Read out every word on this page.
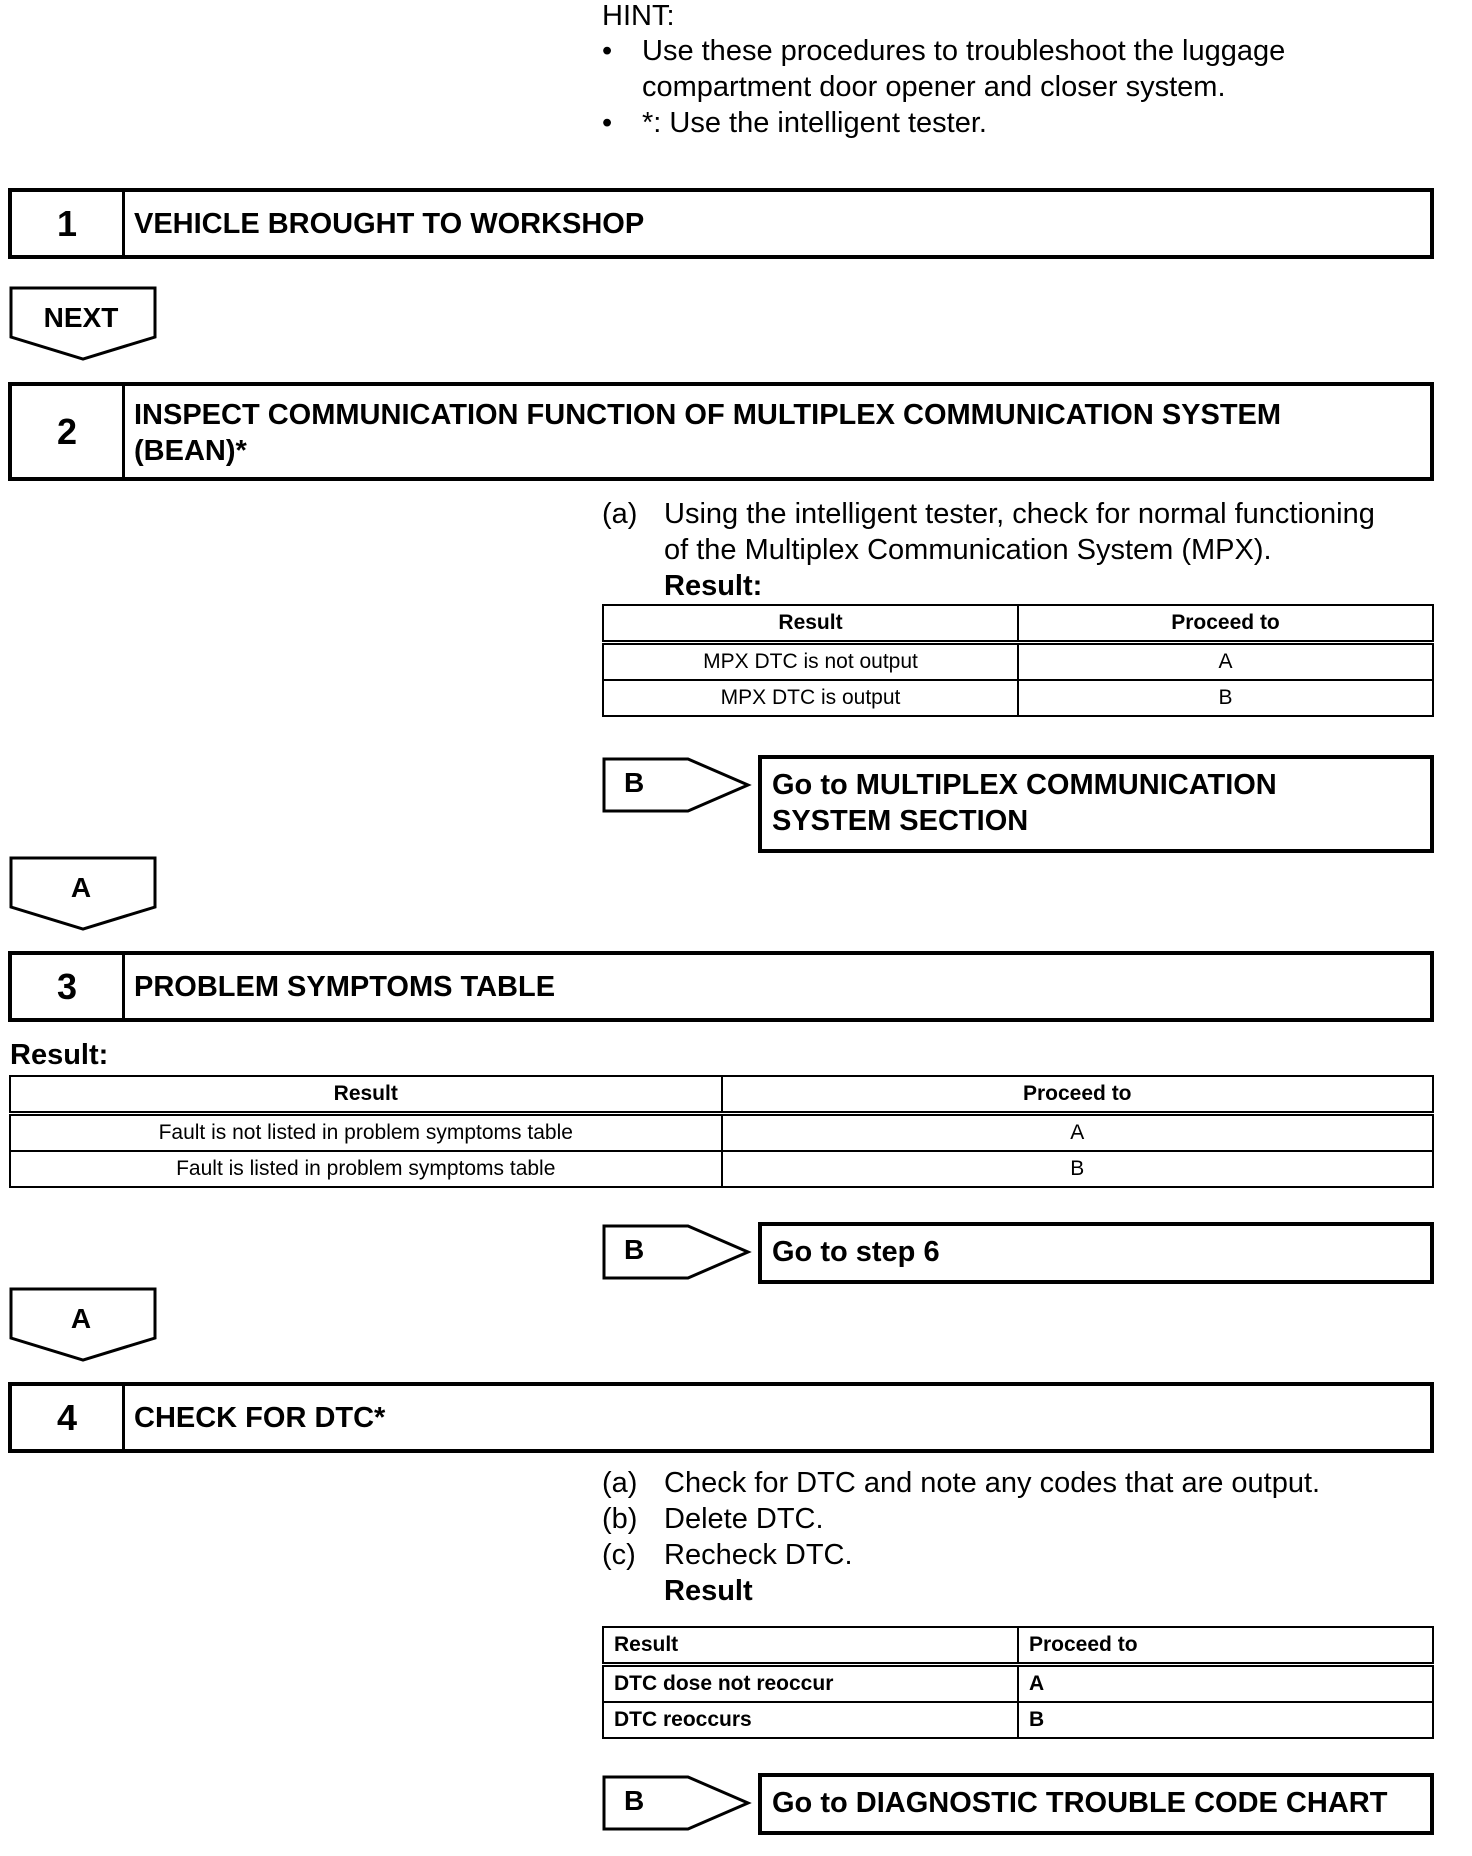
HINT:
• Use these procedures to troubleshoot the luggage
compartment door opener and closer system.
•	*: Use the intelligent tester.
1	VEHICLE BROUGHT TO WORKSHOP
NEXT
2	INSPECT COMMUNICATION FUNCTION OF MULTIPLEX COMMUNICATION SYSTEM
(BEAN)*
(a) Using the intelligent tester, check for normal functioning
of the Multiplex Communication System (MPX).
Result:
Result	Proceed to
MPX DTC is not output	A
MPX DTC is output	B
B	Go to MULTIPLEX COMMUNICATION
SYSTEM SECTION
A
3	PROBLEM SYMPTOMS TABLE
Result:
Result	Proceed to
Fault is not listed in problem symptoms table	A
Fault is listed in problem symptoms table	B
B	Go to step 6
A
4	CHECK FOR DTC*
(a) Check for DTC and note any codes that are output.
(b) Delete DTC.
(c) Recheck DTC.
Result
Result	Proceed to
DTC dose not reoccur	A
DTC reoccurs	B
B	Go to DIAGNOSTIC TROUBLE CODE CHART
